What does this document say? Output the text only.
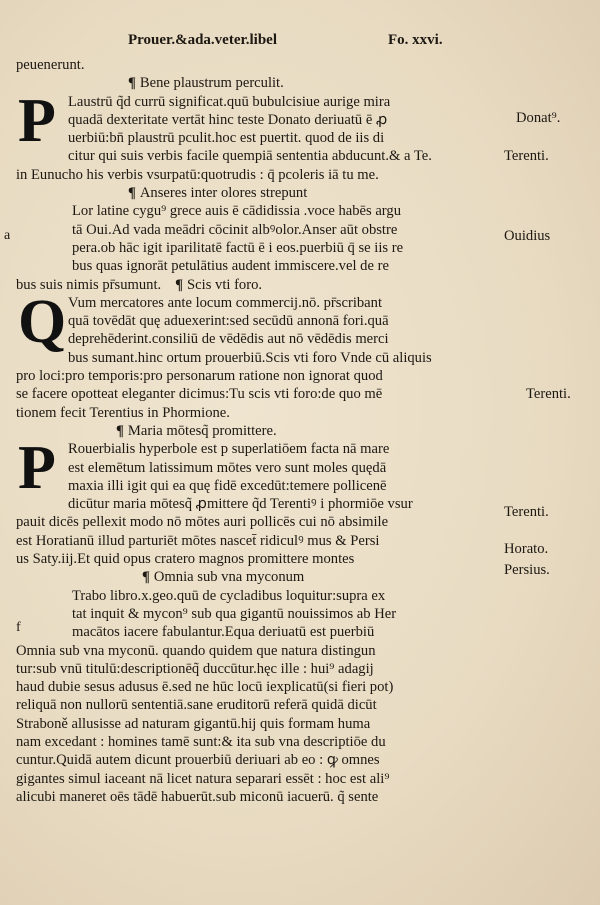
Prouer.&ada.veter.libel	Fo. xxvi.
peuenerunt.
¶ Bene plaustrum perculit.
P Laustrū q̃d currū significat.quū bubulcisiue aurige mira
quadā dexteritate vertāt hinc teste Donato deriuatū ē ꝓ
uerbiū:bn̄ plaustrū pculit.hoc est puertit. quod de iis di
citur qui suis verbis facile quempiā sententia abducunt.& a Te.
in Eunucho his verbis vsurpatū:quotrudis : q̄ pcoleris iā tu me.
¶ Anseres inter olores strepunt
Lor latine cygu⁹ grece auis ē cādidissia .voce habēs argu
tā Oui.Ad vada meādri cōcinit albꝰolor.Anser aūt obstre
pera.ob hāc igit iparilitatē factū ē i eos.puerbiū q̄ se iis re
bus quas ignorāt petulātius audent immiscere.vel de re
bus suis nimis pr̄sumunt. ¶ Scis vti foro.
Q Vum mercatores ante locum commercij.nō. pr̄scribant
quā tovēdāt quę aduexerint:sed secūdū annonā fori.quā
deprehēderint.consiliū de vēdēdis aut nō vēdēdis merci
bus sumant.hinc ortum prouerbiū.Scis vti foro Vnde cū aliquis
pro loci:pro temporis:pro personarum ratione non ignorat quod
se facere opotteat eleganter dicimus:Tu scis vti foro:de quo mē
tionem fecit Terentius in Phormione.
¶ Maria mōtesq̃ promittere.
P Rouerbialis hyperbole est p superlatiōem facta nā mare
est elemētum latissimum mōtes vero sunt moles quędā
maxia illi igit qui ea quę fidē excedūt:temere pollicenē
dicūtur maria mōtesq̃ ꝓmittere q̃d Terentiꝰ i phormiōe vsur
pauit dicēs pellexit modo nō mōtes auri pollicēs cui nō absimile
est Horatianū illud parturiēt mōtes nascet̄ ridiculꝰ mus & Persi
us Saty.iij.Et quid opus cratero magnos promittere montes
¶ Omnia sub vna myconum
Trabo libro.x.geo.quū de cycladibus loquitur:supra ex
tat inquit & mycon⁹ sub qua gigantū nouissimos ab Her
macātos iacere fabulantur.Equa deriuatū est puerbiū
Omnia sub vna myconū. quando quidem que natura distingun
tur:sub vnū titulū:descriptionēq̃ duccūtur.hęc ille : hui⁹ adagij
haud dubie sesus adusus ē.sed ne hūc locū iexplicatū(si fieri pot)
reliquā non nullorū sententiā.sane eruditorū referā quidā dicūt
Straboně allusisse ad naturam gigantū.hij quis formam huma
nam excedant : homines tamē sunt:& ita sub vna descriptiōe du
cuntur.Quidā autem dicunt prouerbiū deriuari ab eo : ꝙ omnes
gigantes simul iaceant nā licet natura separari essēt : hoc est ali⁹
alicubi maneret oēs tādē habuerūt.sub miconū iacuerū. q̃ sente
Donat⁹.
Terenti.
Ouidius
Terenti.
Terenti.
Horato.
Persius.
a
f
